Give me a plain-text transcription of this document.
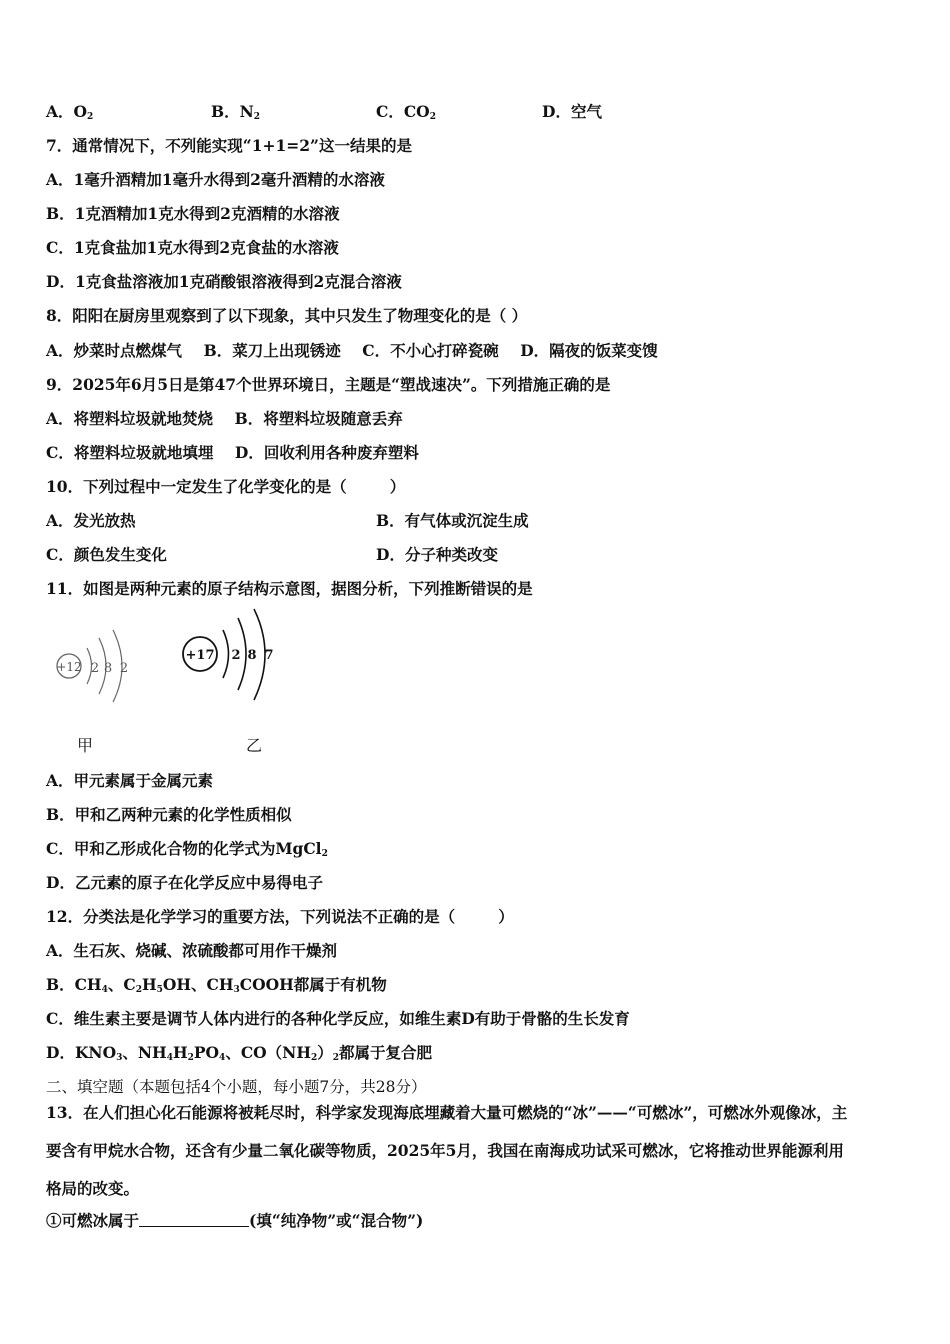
A．$O_2$	B．$N_2$	C．$CO_2$	D．空气
7．通常情况下，不列能实现“1+1=2”这一结果的是
A．1毫升酒精加1毫升水得到2毫升酒精的水溶液
B．1克酒精加1克水得到2克酒精的水溶液
C．1克食盐加1克水得到2克食盐的水溶液
D．1克食盐溶液加1克硝酸银溶液得到2克混合溶液
8．阳阳在厨房里观察到了以下现象，其中只发生了物理变化的是（ ）
A．炒菜时点燃煤气    B．菜刀上出现锈迹    C．不小心打碎瓷碗    D．隔夜的饭菜变馊
9．2025年6月5日是第47个世界环境日，主题是“塑战速决”。下列措施正确的是
A．将塑料垃圾就地焚烧    B．将塑料垃圾随意丢弃
C．将塑料垃圾就地填埋    D．回收利用各种废弃塑料
10．下列过程中一定发生了化学变化的是（        ）
A．发光放热	B．有气体或沉淀生成
C．颜色发生变化	D．分子种类改变
11．如图是两种元素的原子结构示意图，据图分析，下列推断错误的是
+12 2 8 2
+17 2 8 7
甲	乙
A．甲元素属于金属元素
B．甲和乙两种元素的化学性质相似
C．甲和乙形成化合物的化学式为MgCl$_2$
D．乙元素的原子在化学反应中易得电子
12．分类法是化学学习的重要方法，下列说法不正确的是（        ）
A．生石灰、烧碱、浓硫酸都可用作干燥剂
B．$CH_4$、$C_2H_5OH$、$CH_3COOH$都属于有机物
C．维生素主要是调节人体内进行的各种化学反应，如维生素D有助于骨骼的生长发育
D．$KNO_3$、$NH_4H_2PO_4$、$CO(NH_2)_2$都属于复合肥
二、填空题（本题包括4个小题，每小题7分，共28分）
13．在人们担心化石能源将被耗尽时，科学家发现海底埋藏着大量可燃烧的“冰”——“可燃冰”，可燃冰外观像冰，主
要含有甲烷水合物，还含有少量二氧化碳等物质，2025年5月，我国在南海成功试采可燃冰，它将推动世界能源利用
格局的改变。
①可燃冰属于	(填“纯净物”或“混合物”)
